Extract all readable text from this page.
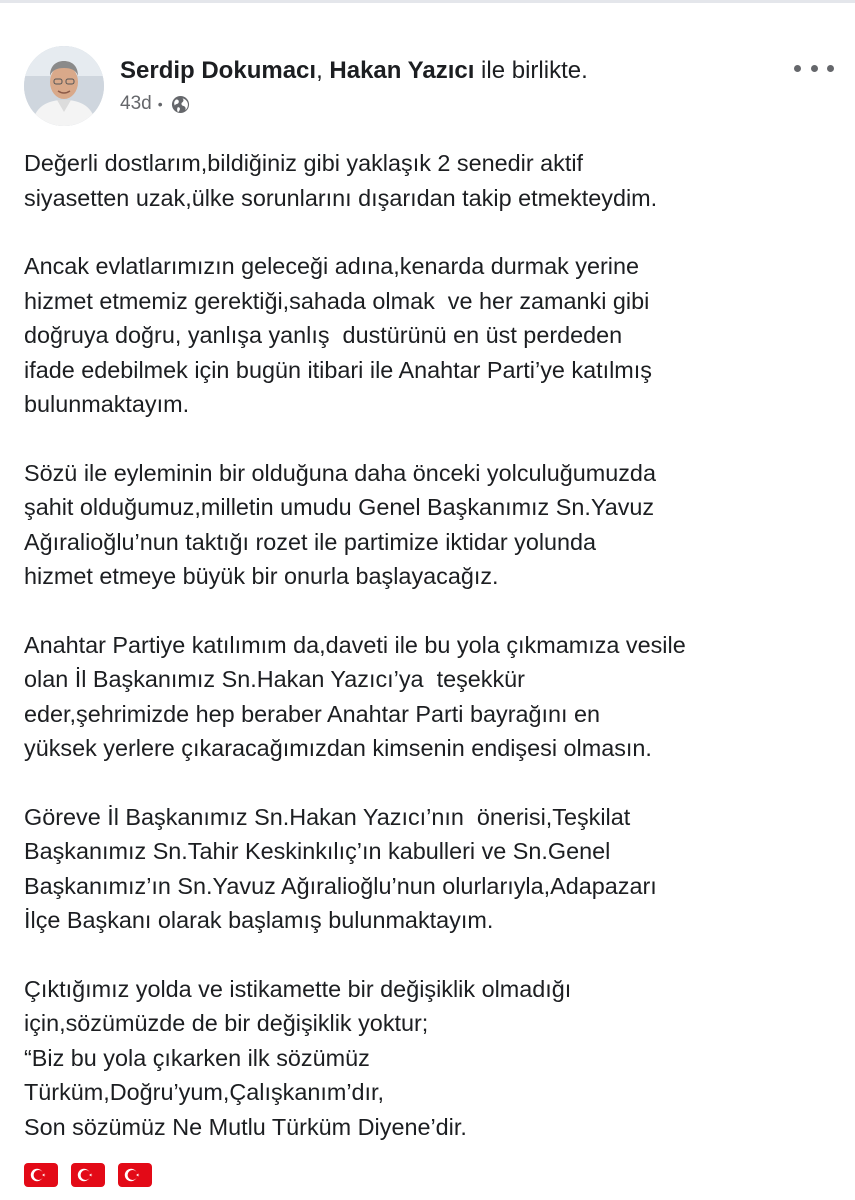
Serdip Dokumacı, Hakan Yazıcı ile birlikte.
43d •

Değerli dostlarım,bildiğiniz gibi yaklaşık 2 senedir aktif
siyasetten uzak,ülke sorunlarını dışarıdan takip etmekteydim.

Ancak evlatlarımızın geleceği adına,kenarda durmak yerine
hizmet etmemiz gerektiği,sahada olmak  ve her zamanki gibi
doğruya doğru, yanlışa yanlış  dustürünü en üst perdeden
ifade edebilmek için bugün itibari ile Anahtar Parti’ye katılmış
bulunmaktayım.

Sözü ile eyleminin bir olduğuna daha önceki yolculuğumuzda
şahit olduğumuz,milletin umudu Genel Başkanımız Sn.Yavuz
Ağıralioğlu’nun taktığı rozet ile partimize iktidar yolunda
hizmet etmeye büyük bir onurla başlayacağız.

Anahtar Partiye katılımım da,daveti ile bu yola çıkmamıza vesile
olan İl Başkanımız Sn.Hakan Yazıcı’ya  teşekkür
eder,şehrimizde hep beraber Anahtar Parti bayrağını en
yüksek yerlere çıkaracağımızdan kimsenin endişesi olmasın.

Göreve İl Başkanımız Sn.Hakan Yazıcı’nın  önerisi,Teşkilat
Başkanımız Sn.Tahir Keskinkılıç’ın kabulleri ve Sn.Genel
Başkanımız’ın Sn.Yavuz Ağıralioğlu’nun olurlarıyla,Adapazarı
İlçe Başkanı olarak başlamış bulunmaktayım.

Çıktığımız yolda ve istikamette bir değişiklik olmadığı
için,sözümüzde de bir değişiklik yoktur;
“Biz bu yola çıkarken ilk sözümüz
Türküm,Doğru’yum,Çalışkanım’dır,
Son sözümüz Ne Mutlu Türküm Diyene’dir.
